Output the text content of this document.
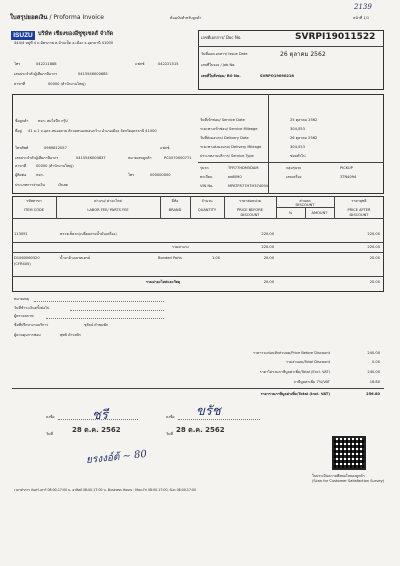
ใบสรุปยอดเงิน / Proforma Invoice	ต้นฉบับสำหรับลูกค้า	หน้าที่ 1/1
2139
ISUZU บริษัท เชียงของอีซูซุเซลส์ จำกัด
444/4 หมู่ที่ 4 ถ.มิตรภาพ ต.บ้านเป็ด อ.เมือง จ.อุดรธานี 41000
โทร	042211888	แฟกซ์	042221515
เลขประจำตัวผู้เสียภาษีอากร	0415546000685
สาขาที่	00000 (สำนักงานใหญ่)
เลขที่เอกสาร/ Doc No.	SVRPI19011522
วันที่ออกเอกสาร/ Issue Date	26 ตุลาคม 2562
เลขที่ใบจอง / Job No.
เลขที่ใบสั่งซ่อม/ RO No.	SVRPO19090216
ชื่อลูกค้า	หจก. สมใจนึก กรุ๊ป
ที่อยู่ 41 ม.1 ถ.อุดร-หนองคาย ตำบลหนองขอนกว้าง อำเภอเมือง จังหวัดอุดรธานี 41000
โทรศัพท์	0969812057	แฟกซ์
เลขประจำตัวผู้เสียภาษีอากร	0415546000837	หมายเลขลูกค้า	PC0070000771
สาขาที่	00000 (สำนักงานใหญ่)
ผู้ติดต่อ	หจก.	โทร	000000000
ประเภทการจ่ายเงิน	เงินสด
วันที่เข้าซ่อม/ Service Date	25 ตุลาคม 2562
ระยะทางเข้าซ่อม/ Service Mileage	304,053
วันที่ส่งมอบรถ/ Delivery Date	26 ตุลาคม 2562
ระยะทางส่งมอบรถ/ Delivery Mileage	304,053
ประเภทงานบริการ/ Service Type	ซ่อมทั่วไป
รุ่นรถ	TFR77HDM5DAM	กลุ่มรุ่นรถ	PICKUP
ทะเบียน	ยพ8090	เลขเครื่อง	3TN4094
VIN No.	MPATFR77H7H374094
รหัสสาขา
ITEM CODE
ค่าแรง/ ค่าอะไหล่
LABOR FEE/ PARTS FEE
ยี่ห้อ
BRAND
จำนวน
QUANTITY
ราคาต่อหน่วย
PRICE BEFORE
DISCOUNT
ส่วนลด
DISCOUNT
%	AMOUNT
ราคาสุทธิ
PRICE AFTER
DISCOUNT
113091	ตรวจเช็ครถ(เปลี่ยนถ่ายน้ำมันเครื่อง)	220.00	220.00
รวมค่าแรง	220.00	220.00
D1060060320
(CFR400)
น้ำยาล้างเบรคเครย์	Bonded Parts	1.00	20.00	20.00
รวมค่าอะไหล่และวัสดุ	20.00	20.00
หมายเหตุ
วันที่ชำระเงินครั้งต่อไป
ผู้ตรวจสภาพ
ชื่อที่ปรึกษางานบริการ	ชุรัตน์ ดำชมพัก
ผู้ควบคุมการซ่อม	พุทธิ ดำรงพัก
ราคารวมก่อนหักส่วนลด/Price Before Discount	240.00
รวมส่วนลด/Total Discount	0.00
ราคาไม่รวมภาษีมูลค่าเพิ่ม/Total (Excl. VAT)	240.00
ภาษีมูลค่าเพิ่ม 7%/VAT	16.80
ราคารวมภาษีมูลค่าเพิ่ม/Total (Incl. VAT)	256.80
ชรี
ลงชื่อ
วันที่	28 ต.ค. 2562
ขรัช
ลงชื่อ
วันที่ 28 ต.ค. 2562
ใบประเมินความพึงพอใจของลูกค้า
(Scan for Customer Satisfaction Survey)
ยรงงอ์ต้ ~ 80
เวลาทำการ จันทร์-เสาร์ 08:00-17:00 น. อาทิตย์ 08:00-17:00 น. Business Hours : Mon-Fri 08:00-17:00, Sun 08:00-17:00
